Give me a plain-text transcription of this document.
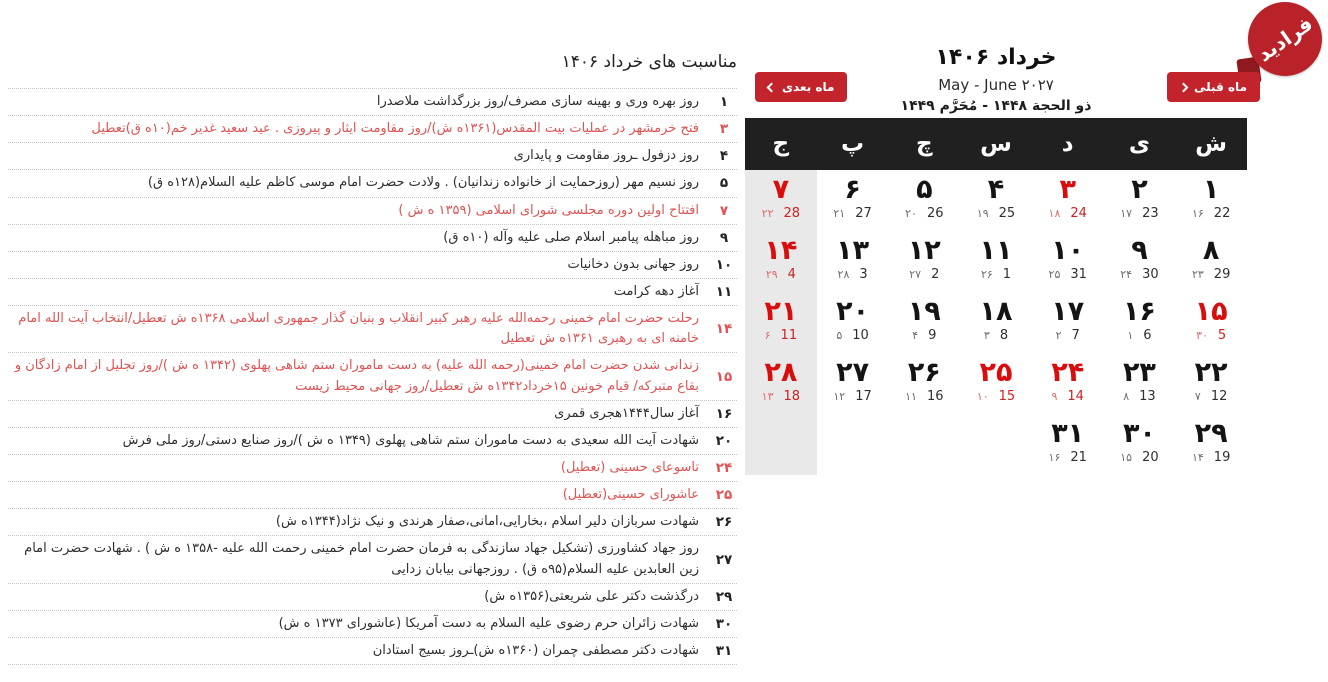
فرادید
خرداد ۱۴۰۶
May - June ۲۰۲۷
ذو الحجة ۱۴۴۸ - مُحَرَّم ۱۴۴۹
ماه بعدی	ماه قبلی
ش
ی
د
س
چ
پ
ج
۱
۱۶ 22
۲
۱۷ 23
۳
۱۸ 24
۴
۱۹ 25
۵
۲۰ 26
۶
۲۱ 27
۷
۲۲ 28
۸
۲۳ 29
۹
۲۴ 30
۱۰
۲۵ 31
۱۱
۲۶ 1
۱۲
۲۷ 2
۱۳
۲۸ 3
۱۴
۲۹ 4
۱۵
۳۰ 5
۱۶
۱ 6
۱۷
۲ 7
۱۸
۳ 8
۱۹
۴ 9
۲۰
۵ 10
۲۱
۶ 11
۲۲
۷ 12
۲۳
۸ 13
۲۴
۹ 14
۲۵
۱۰ 15
۲۶
۱۱ 16
۲۷
۱۲ 17
۲۸
۱۳ 18
۲۹
۱۴ 19
۳۰
۱۵ 20
۳۱
۱۶ 21
مناسبت های خرداد ۱۴۰۶
۱
روز بهره وری و بهینه سازی مصرف/روز بزرگداشت ملاصدرا
۳
فتح خرمشهر در عملیات بیت المقدس(۱۳۶۱ه ش)/روز مقاومت ایثار و پیروزی . عید سعید غدیر خم(۱۰ه ق)تعطیل
۴
روز دزفول ـروز مقاومت و پایداری
۵
روز نسیم مهر (روزحمایت از خانواده زندانیان) . ولادت حضرت امام موسی کاظم علیه السلام(۱۲۸ه ق)
۷
افتتاح اولین دوره مجلسی شورای اسلامی (۱۳۵۹ ه ش )
۹
روز مباهله پیامبر اسلام صلی علیه وآله (۱۰ه ق)
۱۰
روز جهانی بدون دخانیات
۱۱
آغاز دهه کرامت
۱۴
رحلت حضرت امام خمینی رحمه‌الله علیه رهبر کبیر انقلاب و بنیان گذار جمهوری اسلامی ۱۳۶۸ه ش تعطیل/انتخاب آیت الله امام خامنه ای به رهبری ۱۳۶۱ه ش تعطیل
۱۵
زندانی شدن حضرت امام خمینی(رحمه الله علیه) به دست ماموران ستم شاهی پهلوی (۱۳۴۲ ه ش )/روز تجلیل از امام زادگان و بقاع متبرکه/ قیام خونین ۱۵خرداد۱۳۴۲ه ش تعطیل/روز جهانی محیط زیست
۱۶
آغاز سال۱۴۴۴هجری قمری
۲۰
شهادت آیت الله سعیدی به دست ماموران ستم شاهی پهلوی (۱۳۴۹ ه ش )/روز صنایع دستی/روز ملی فرش
۲۴
تاسوعای حسینی (تعطیل)
۲۵
عاشورای حسینی(تعطیل)
۲۶
شهادت سربازان دلیر اسلام ،بخارایی،امانی،صفار هرندی و نیک نژاد(۱۳۴۴ه ش)
۲۷
روز جهاد کشاورزی (تشکیل جهاد سازندگی به فرمان حضرت امام خمینی رحمت الله علیه -۱۳۵۸ ه ش ) . شهادت حضرت امام زین العابدین علیه السلام(۹۵ه ق) . روزجهانی بیابان زدایی
۲۹
درگذشت دکتر علی شریعتی(۱۳۵۶ه ش)
۳۰
شهادت زائران حرم رضوی علیه السلام به دست آمریکا (عاشورای ۱۳۷۳ ه ش)
۳۱
شهادت دکتر مصطفی چمران (۱۳۶۰ه ش)ـروز بسیج استادان
